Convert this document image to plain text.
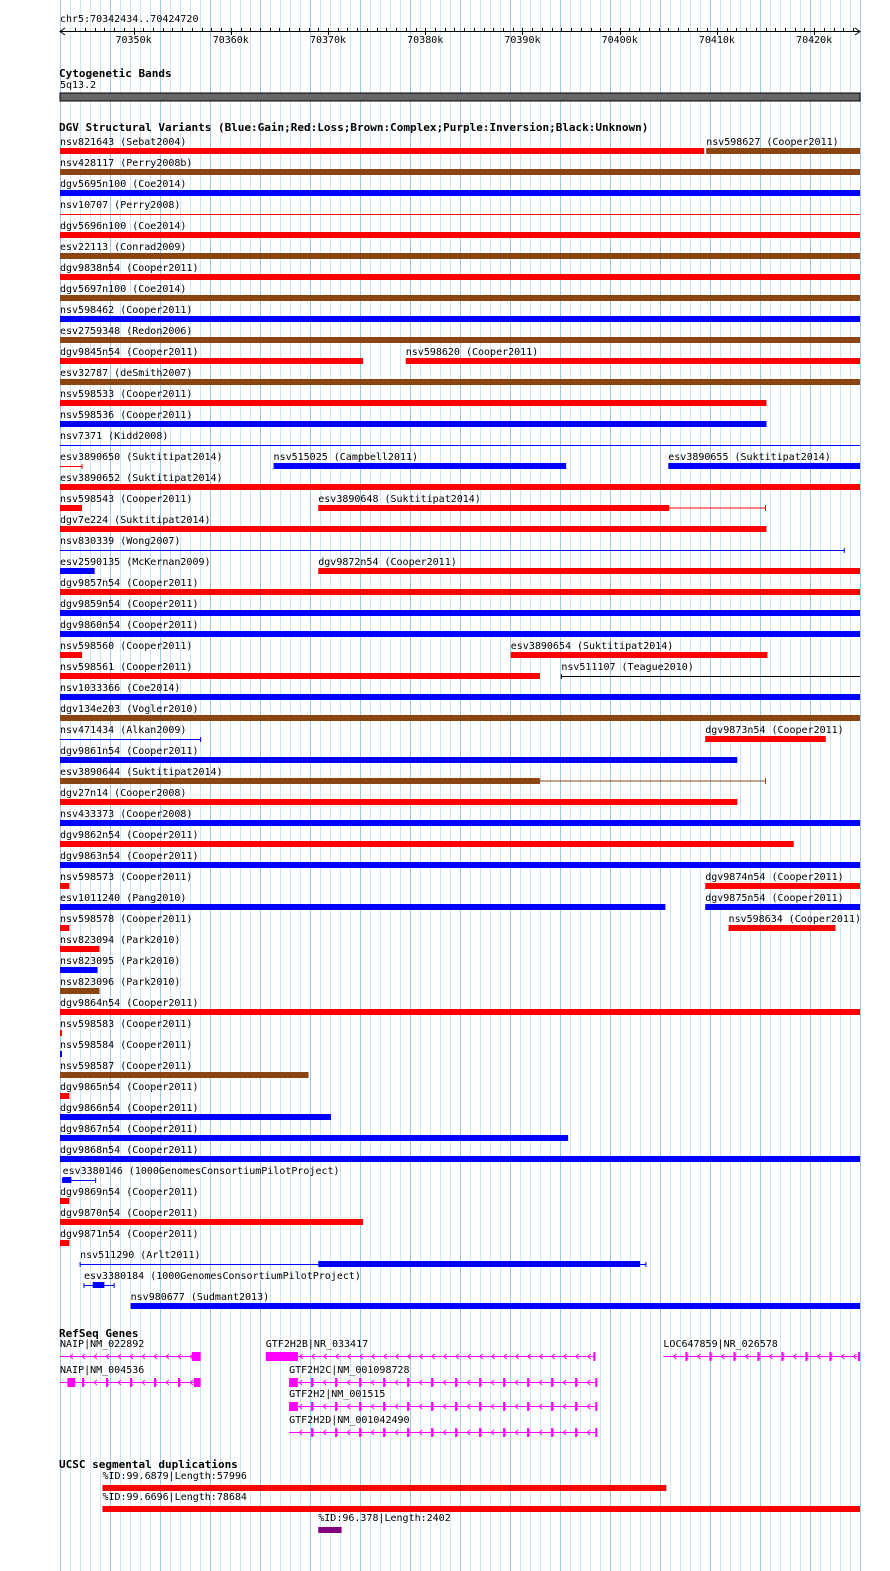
chr5:70342434..70424720
Cytogenetic Bands
5q13.2
DGV Structural Variants (Blue:Gain;Red:Loss;Brown:Complex;Purple:Inversion;Black:Unknown)
RefSeq Genes
UCSC segmental duplications
70350k	70360k	70370k	70380k	70390k	70400k	70410k	70420k
nsv821643 (Sebat2004)	nsv598627 (Cooper2011)
nsv428117 (Perry2008b)
dgv5695n100 (Coe2014)
nsv10707 (Perry2008)
dgv5696n100 (Coe2014)
esv22113 (Conrad2009)
dgv9838n54 (Cooper2011)
dgv5697n100 (Coe2014)
nsv598462 (Cooper2011)
esv2759348 (Redon2006)
dgv9845n54 (Cooper2011)	nsv598620 (Cooper2011)
esv32787 (deSmith2007)
nsv598533 (Cooper2011)
nsv598536 (Cooper2011)
nsv7371 (Kidd2008)
esv3890650 (Suktitipat2014)	nsv515025 (Campbell2011)	esv3890655 (Suktitipat2014)
esv3890652 (Suktitipat2014)
nsv598543 (Cooper2011)	esv3890648 (Suktitipat2014)
dgv7e224 (Suktitipat2014)
nsv830339 (Wong2007)
esv2590135 (McKernan2009)	dgv9872n54 (Cooper2011)
dgv9857n54 (Cooper2011)
dgv9859n54 (Cooper2011)
dgv9860n54 (Cooper2011)
nsv598560 (Cooper2011)	esv3890654 (Suktitipat2014)
nsv598561 (Cooper2011)	nsv511107 (Teague2010)
nsv1033366 (Coe2014)
dgv134e203 (Vogler2010)
nsv471434 (Alkan2009)	dgv9873n54 (Cooper2011)
dgv9861n54 (Cooper2011)
esv3890644 (Suktitipat2014)
dgv27n14 (Cooper2008)
nsv433373 (Cooper2008)
dgv9862n54 (Cooper2011)
dgv9863n54 (Cooper2011)
nsv598573 (Cooper2011)	dgv9874n54 (Cooper2011)
esv1011240 (Pang2010)	dgv9875n54 (Cooper2011)
nsv598578 (Cooper2011)	nsv598634 (Cooper2011)
nsv823094 (Park2010)
nsv823095 (Park2010)
nsv823096 (Park2010)
dgv9864n54 (Cooper2011)
nsv598583 (Cooper2011)
nsv598584 (Cooper2011)
nsv598587 (Cooper2011)
dgv9865n54 (Cooper2011)
dgv9866n54 (Cooper2011)
dgv9867n54 (Cooper2011)
dgv9868n54 (Cooper2011)
esv3380146 (1000GenomesConsortiumPilotProject)
dgv9869n54 (Cooper2011)
dgv9870n54 (Cooper2011)
dgv9871n54 (Cooper2011)
nsv511290 (Arlt2011)
esv3380184 (1000GenomesConsortiumPilotProject)
nsv980677 (Sudmant2013)
NAIP|NM_022892	GTF2H2B|NR_033417	LOC647859|NR_026578
NAIP|NM_004536	GTF2H2C|NM_001098728
GTF2H2|NM_001515
GTF2H2D|NM_001042490
%ID:99.6879|Length:57996
%ID:99.6696|Length:78684
%ID:96.378|Length:2402
